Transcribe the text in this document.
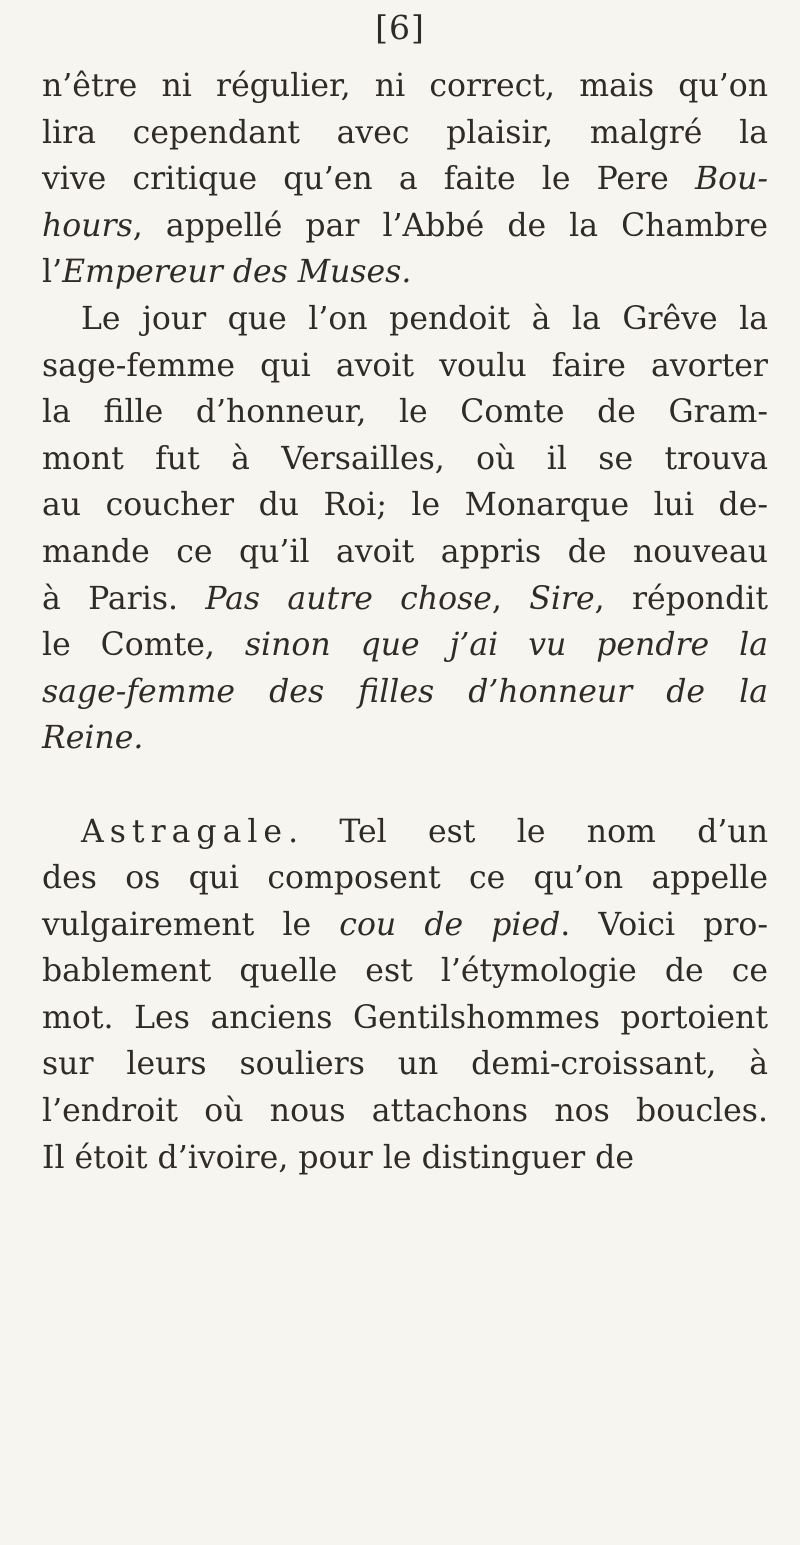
[6]
n’être ni régulier, ni correct, mais qu’on
lira cependant avec plaisir, malgré la
vive critique qu’en a faite le Pere Bou-
hours, appellé par l’Abbé de la Chambre
l’Empereur des Muses.
Le jour que l’on pendoit à la Grêve la
sage-femme qui avoit voulu faire avorter
la fille d’honneur, le Comte de Gram-
mont fut à Versailles, où il se trouva
au coucher du Roi; le Monarque lui de-
mande ce qu’il avoit appris de nouveau
à Paris. Pas autre chose, Sire, répondit
le Comte, sinon que j’ai vu pendre la
sage-femme des filles d’honneur de la
Reine.
Astragale. Tel est le nom d’un
des os qui composent ce qu’on appelle
vulgairement le cou de pied. Voici pro-
bablement quelle est l’étymologie de ce
mot. Les anciens Gentilshommes portoient
sur leurs souliers un demi-croissant, à
l’endroit où nous attachons nos boucles.
Il étoit d’ivoire, pour le distinguer de
